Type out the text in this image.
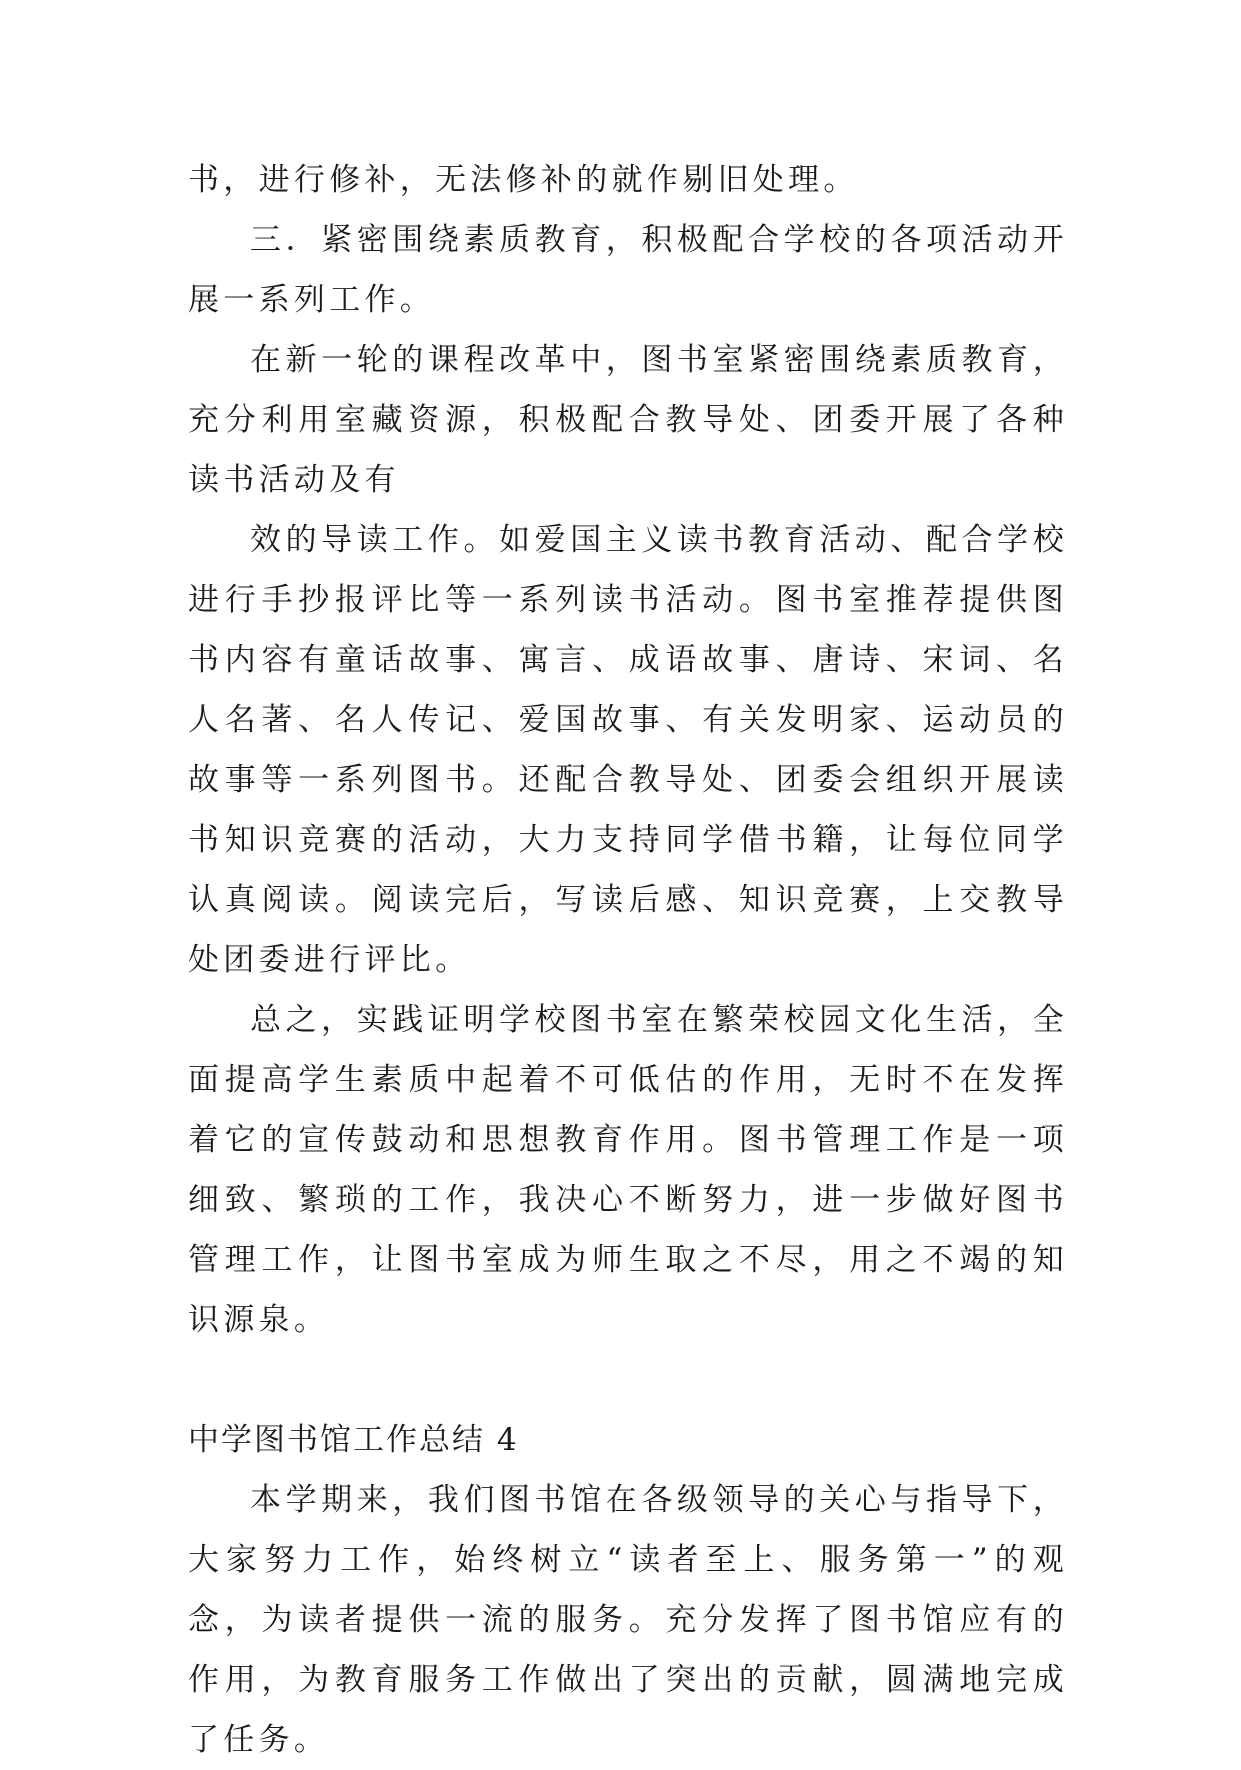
书，进行修补，无法修补的就作剔旧处理。

三．紧密围绕素质教育，积极配合学校的各项活动开展一系列工作。

在新一轮的课程改革中，图书室紧密围绕素质教育，充分利用室藏资源，积极配合教导处、团委开展了各种读书活动及有

效的导读工作。如爱国主义读书教育活动、配合学校进行手抄报评比等一系列读书活动。图书室推荐提供图书内容有童话故事、寓言、成语故事、唐诗、宋词、名人名著、名人传记、爱国故事、有关发明家、运动员的故事等一系列图书。还配合教导处、团委会组织开展读书知识竞赛的活动，大力支持同学借书籍，让每位同学认真阅读。阅读完后，写读后感、知识竞赛，上交教导处团委进行评比。

总之，实践证明学校图书室在繁荣校园文化生活，全面提高学生素质中起着不可低估的作用，无时不在发挥着它的宣传鼓动和思想教育作用。图书管理工作是一项细致、繁琐的工作，我决心不断努力，进一步做好图书管理工作，让图书室成为师生取之不尽，用之不竭的知识源泉。

中学图书馆工作总结 4

本学期来，我们图书馆在各级领导的关心与指导下，大家努力工作，始终树立“读者至上、服务第一”的观念，为读者提供一流的服务。充分发挥了图书馆应有的作用，为教育服务工作做出了突出的贡献，圆满地完成了任务。
